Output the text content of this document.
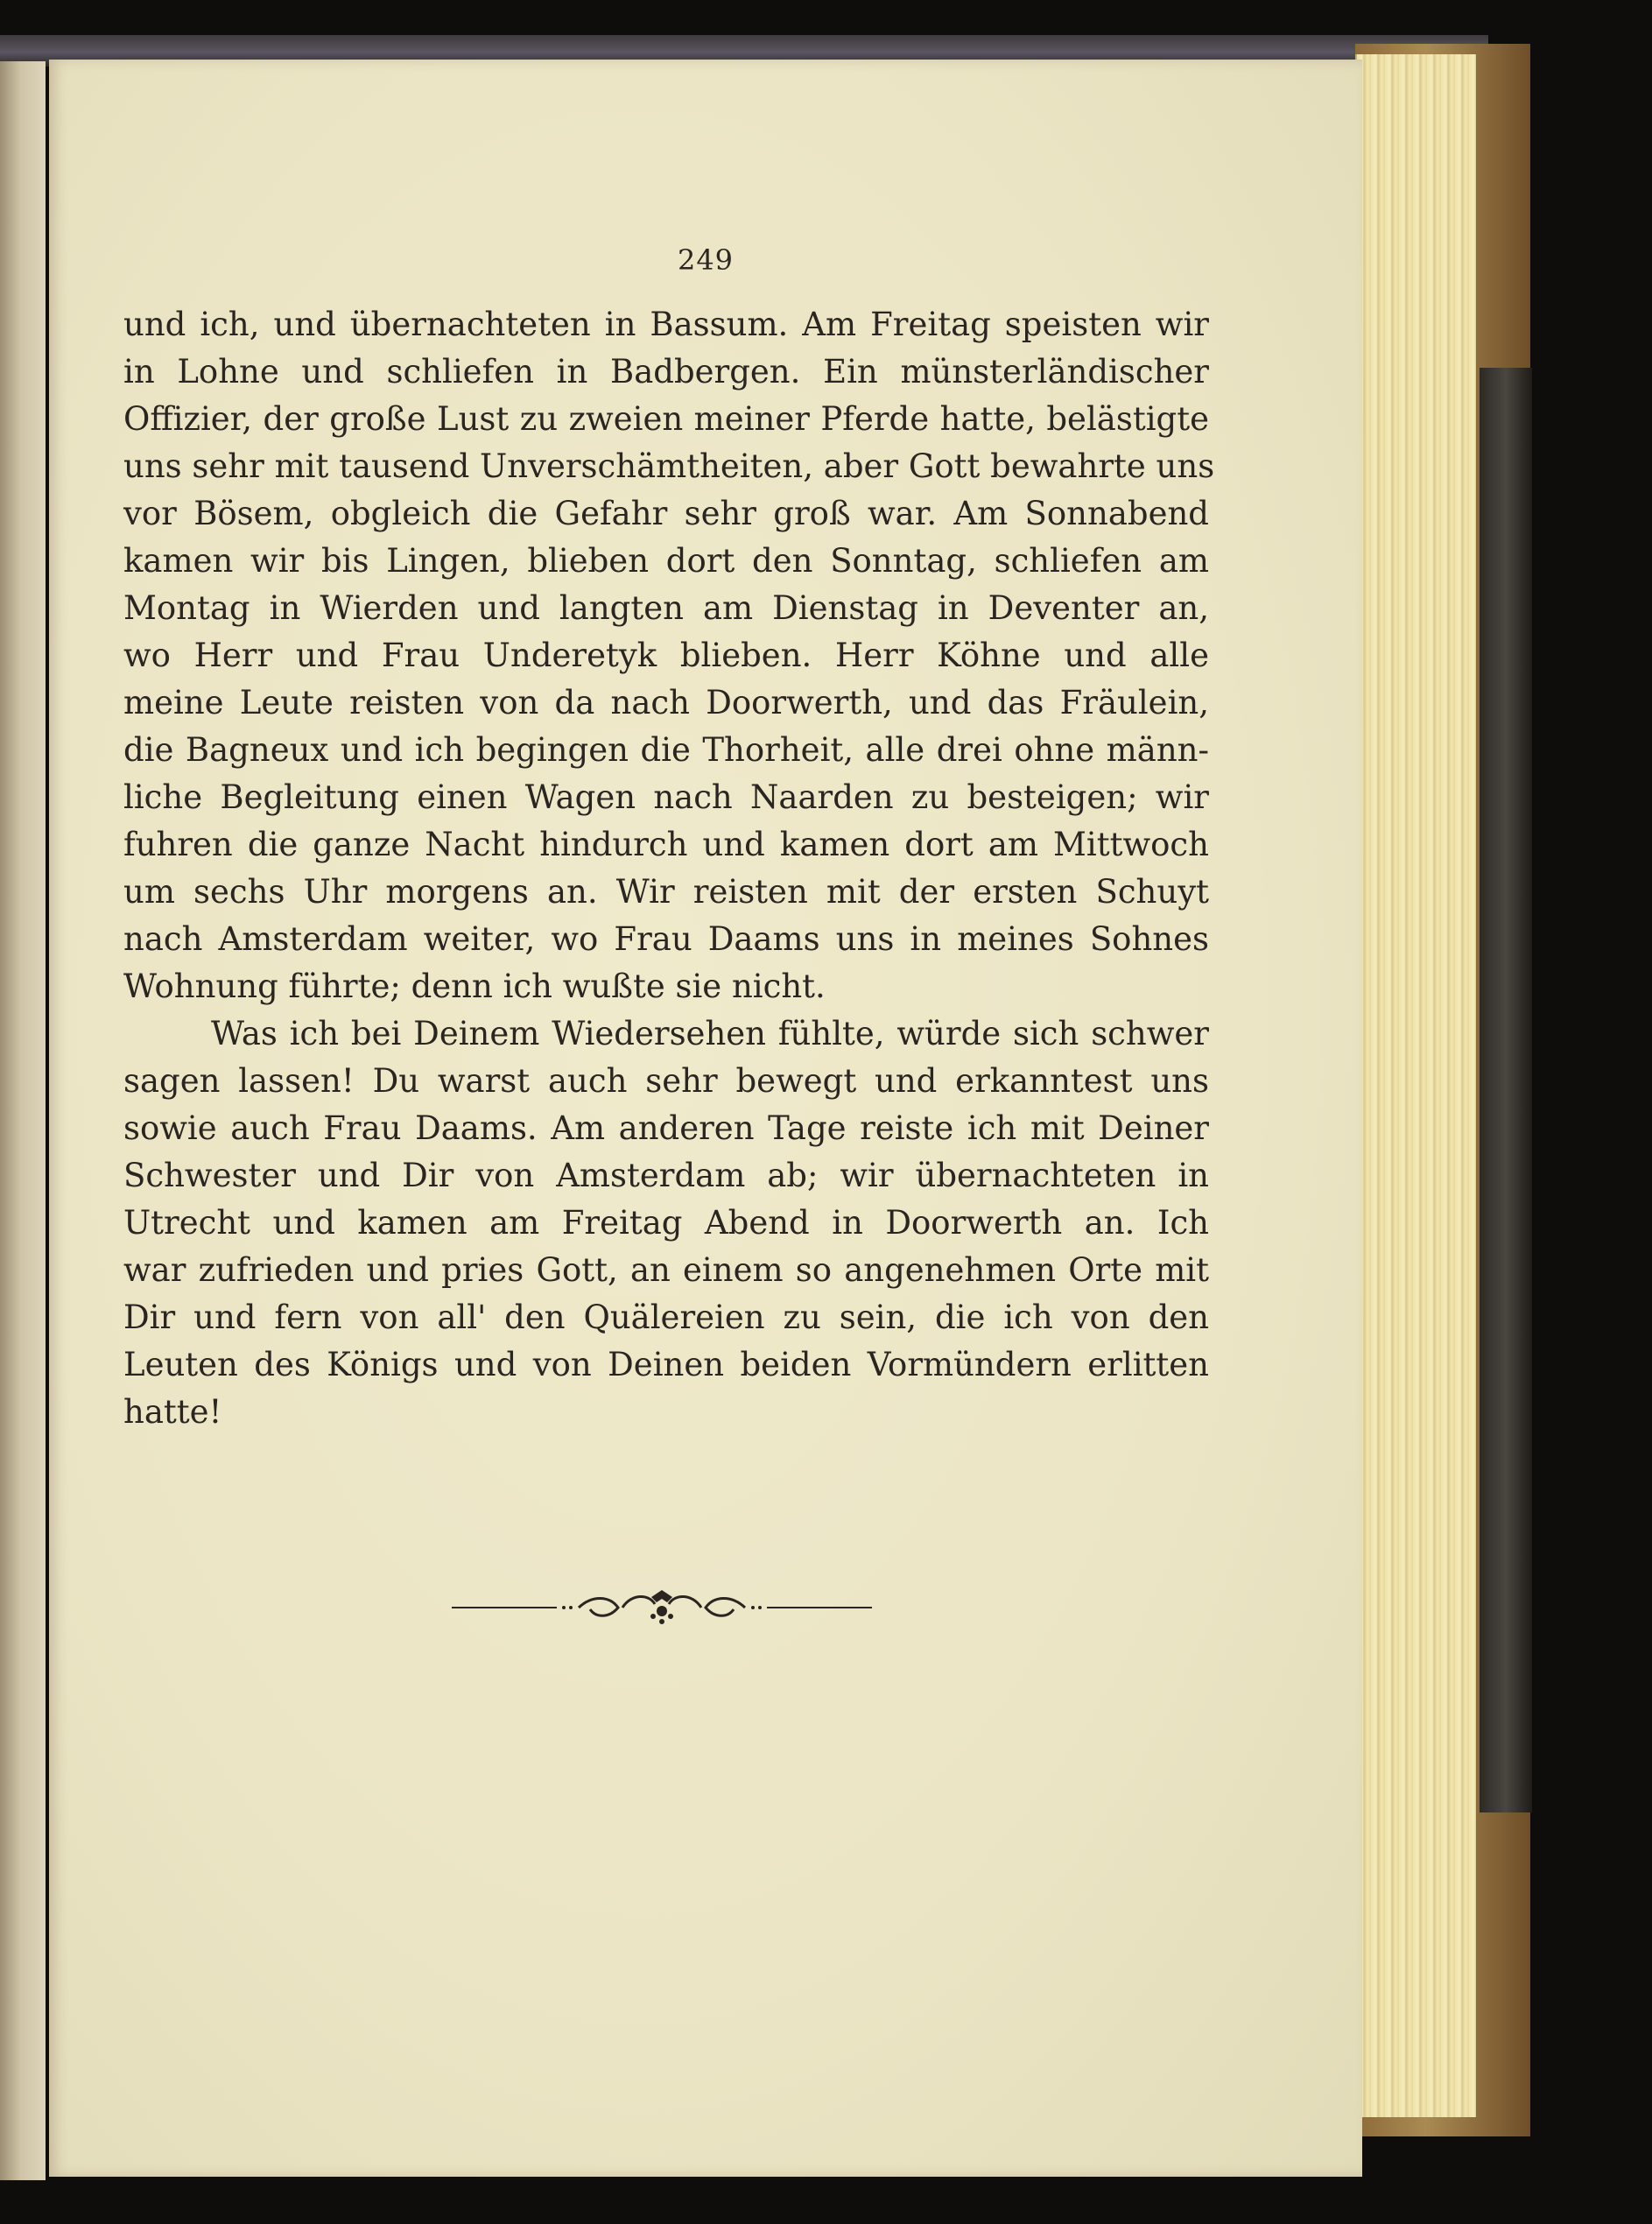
249
und ich, und übernachteten in Bassum. Am Freitag speisten wir
in Lohne und schliefen in Badbergen. Ein münsterländischer
Offizier, der große Lust zu zweien meiner Pferde hatte, belästigte
uns sehr mit tausend Unverschämtheiten, aber Gott bewahrte uns
vor Bösem, obgleich die Gefahr sehr groß war. Am Sonnabend
kamen wir bis Lingen, blieben dort den Sonntag, schliefen am
Montag in Wierden und langten am Dienstag in Deventer an,
wo Herr und Frau Underetyk blieben. Herr Köhne und alle
meine Leute reisten von da nach Doorwerth, und das Fräulein,
die Bagneux und ich begingen die Thorheit, alle drei ohne männ-
liche Begleitung einen Wagen nach Naarden zu besteigen; wir
fuhren die ganze Nacht hindurch und kamen dort am Mittwoch
um sechs Uhr morgens an. Wir reisten mit der ersten Schuyt
nach Amsterdam weiter, wo Frau Daams uns in meines Sohnes
Wohnung führte; denn ich wußte sie nicht.
Was ich bei Deinem Wiedersehen fühlte, würde sich schwer
sagen lassen! Du warst auch sehr bewegt und erkanntest uns
sowie auch Frau Daams. Am anderen Tage reiste ich mit Deiner
Schwester und Dir von Amsterdam ab; wir übernachteten in
Utrecht und kamen am Freitag Abend in Doorwerth an. Ich
war zufrieden und pries Gott, an einem so angenehmen Orte mit
Dir und fern von all' den Quälereien zu sein, die ich von den
Leuten des Königs und von Deinen beiden Vormündern erlitten
hatte!
